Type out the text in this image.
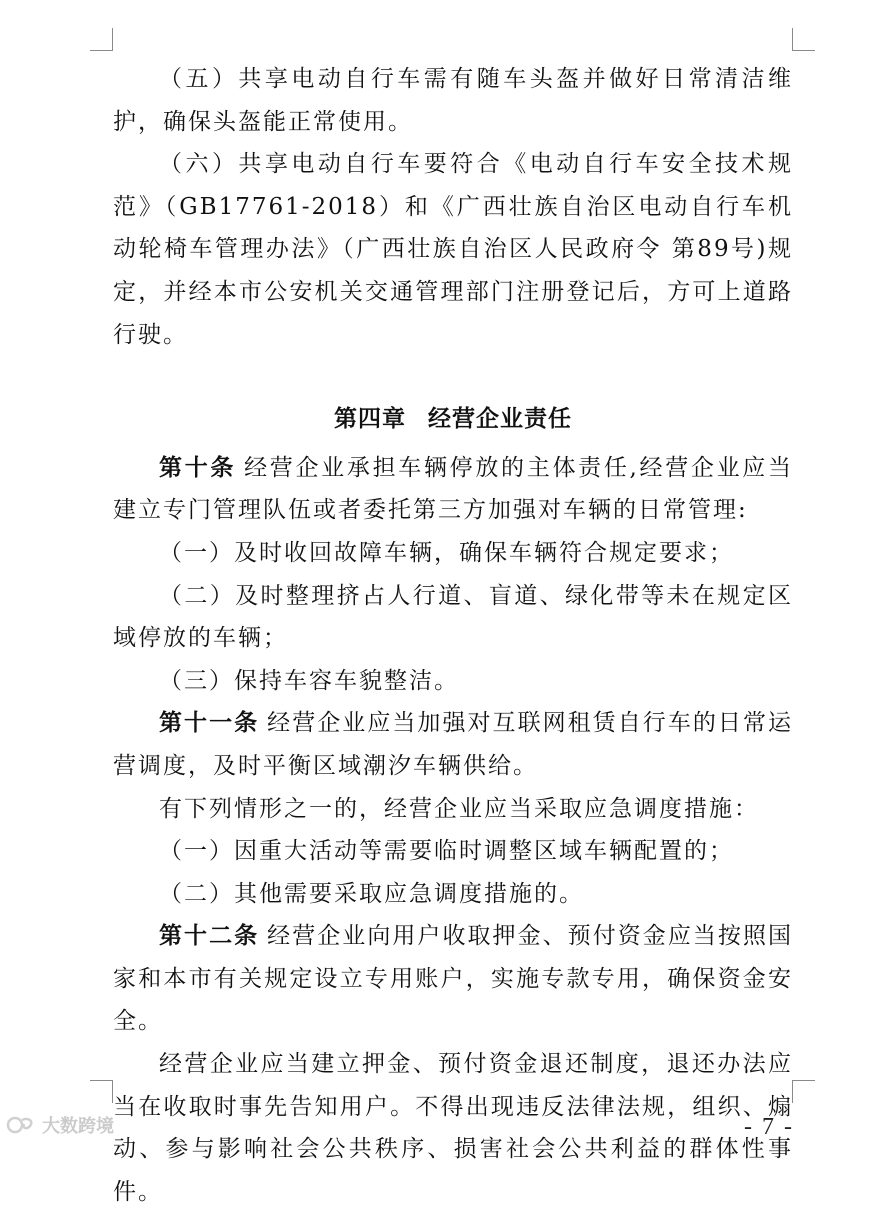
（五）共享电动自行车需有随车头盔并做好日常清洁维护，确保头盔能正常使用。

（六）共享电动自行车要符合《电动自行车安全技术规范》（GB17761-2018）和《广西壮族自治区电动自行车机动轮椅车管理办法》（广西壮族自治区人民政府令 第89号)规定，并经本市公安机关交通管理部门注册登记后，方可上道路行驶。

第四章 经营企业责任

第十条 经营企业承担车辆停放的主体责任,经营企业应当建立专门管理队伍或者委托第三方加强对车辆的日常管理:

（一）及时收回故障车辆，确保车辆符合规定要求；

（二）及时整理挤占人行道、盲道、绿化带等未在规定区域停放的车辆；

（三）保持车容车貌整洁。

第十一条 经营企业应当加强对互联网租赁自行车的日常运营调度，及时平衡区域潮汐车辆供给。

有下列情形之一的，经营企业应当采取应急调度措施：

（一）因重大活动等需要临时调整区域车辆配置的；

（二）其他需要采取应急调度措施的。

第十二条 经营企业向用户收取押金、预付资金应当按照国家和本市有关规定设立专用账户，实施专款专用，确保资金安全。

经营企业应当建立押金、预付资金退还制度，退还办法应当在收取时事先告知用户。不得出现违反法律法规，组织、煽动、参与影响社会公共秩序、损害社会公共利益的群体性事件。

- 7 -
大数跨境
